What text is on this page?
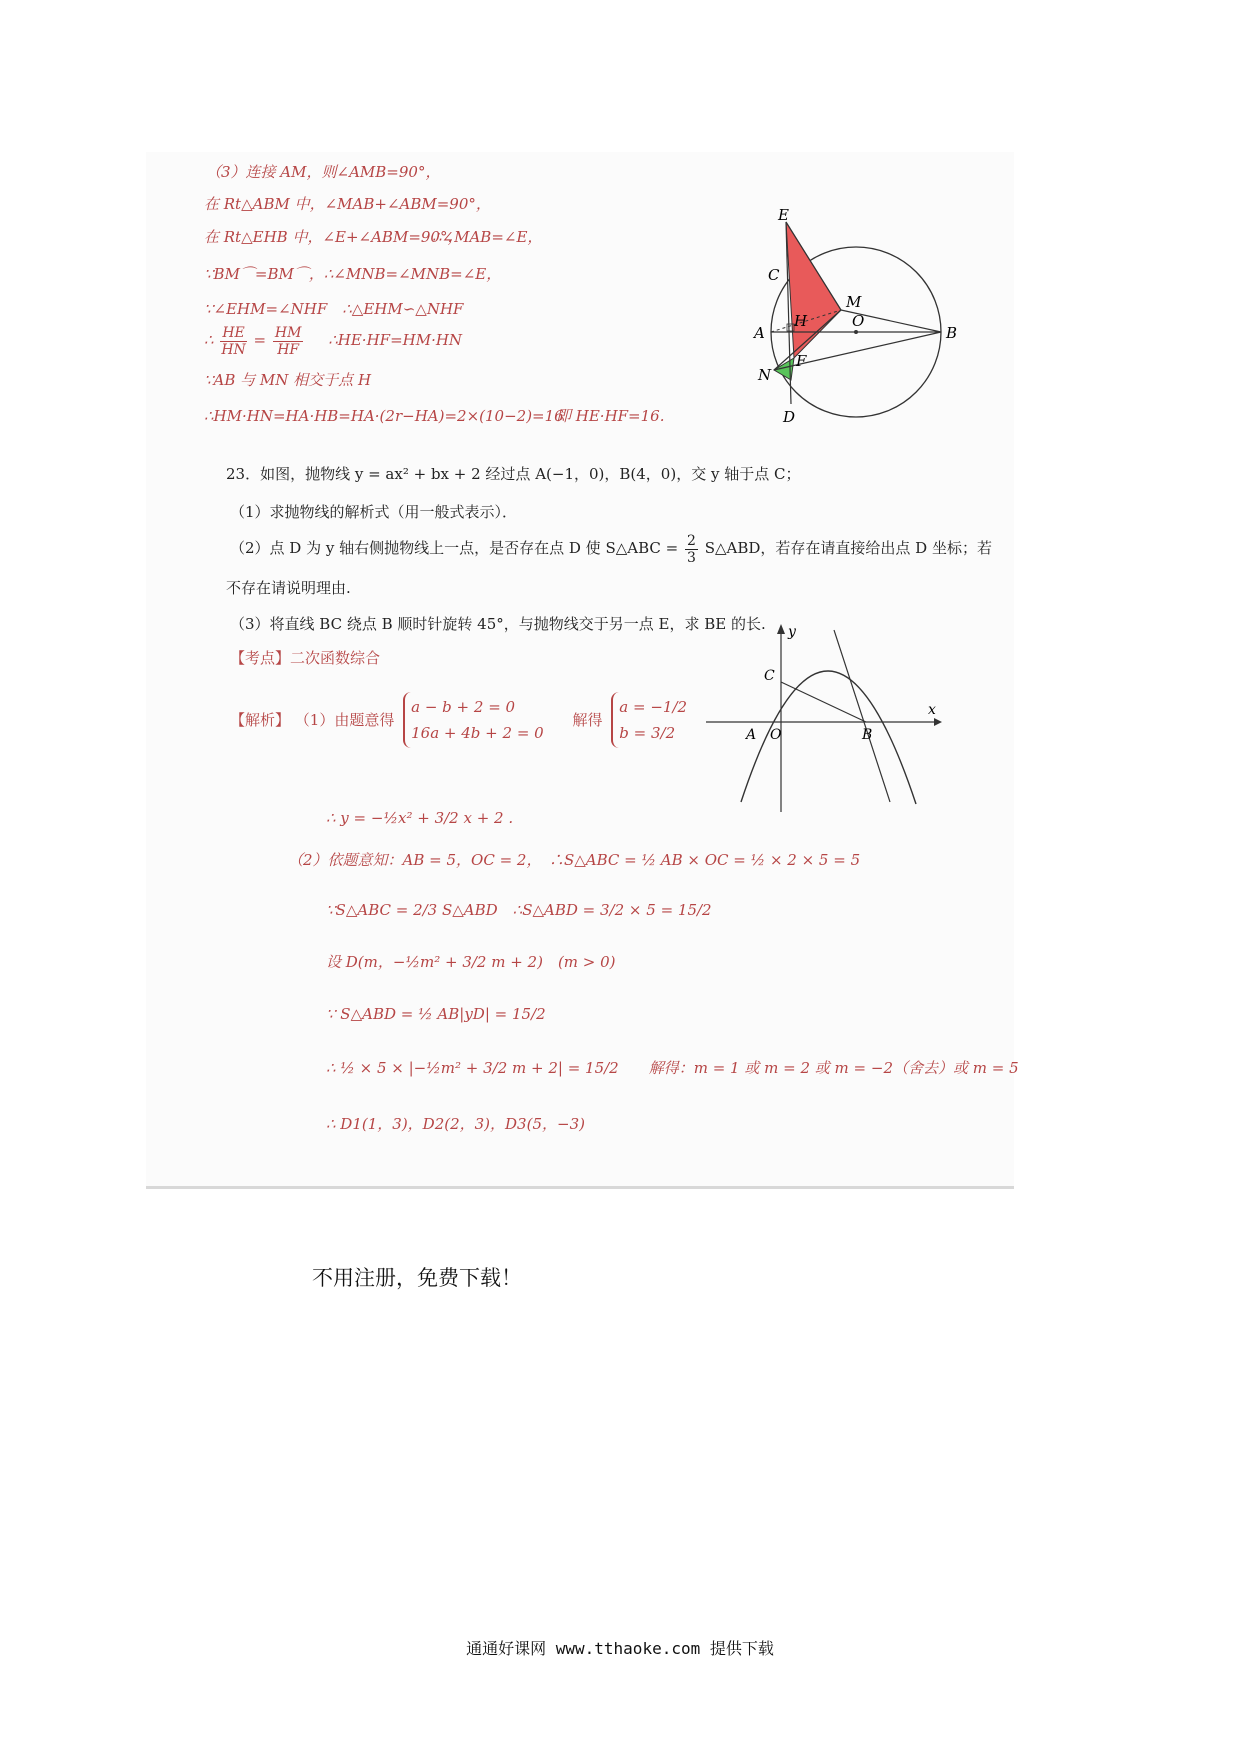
（3）连接 AM，则∠AMB=90°，
在 Rt△ABM 中，∠MAB+∠ABM=90°，
在 Rt△EHB 中，∠E+∠ABM=90°，
∴∠MAB=∠E，
∵BM⌒=BM⌒，∴∠MNB=∠MNB=∠E，
∵∠EHM=∠NHF　∴△EHM∽△NHF
∴ $\frac{HE}{HN} = \frac{HM}{HF}$ ∴HE·HF=HM·HN
∵AB 与 MN 相交于点 H
∴HM·HN=HA·HB=HA·(2r−HA)=2×(10−2)=16
即 HE·HF=16.
E
M
C
A
H	O
B
N
F
D
23．如图，抛物线 y = ax² + bx + 2 经过点 A(−1，0)，B(4，0)，交 y 轴于点 C；
（1）求抛物线的解析式（用一般式表示）．
（2）点 D 为 y 轴右侧抛物线上一点，是否存在点 D 使 S△ABC = $\frac{2}{3}$ S△ABD，若存在请直接给出点 D 坐标；若
不存在请说明理由.
（3）将直线 BC 绕点 B 顺时针旋转 45°，与抛物线交于另一点 E，求 BE 的长.
【考点】二次函数综合
【解析】 （1）由题意得
a − b + 2 = 0
16a + 4b + 2 = 0
解得
a = −1/2
b = 3/2
∴ y = −½x² + 3/2 x + 2 .
（2）依题意知：AB = 5，OC = 2，　∴S△ABC = ½ AB × OC = ½ × 2 × 5 = 5
∵S△ABC = 2/3 S△ABD　∴S△ABD = 3/2 × 5 = 15/2
设 D(m，−½m² + 3/2 m + 2)　(m > 0)
∵ S△ABD = ½ AB|yD| = 15/2
∴ ½ × 5 × |−½m² + 3/2 m + 2| = 15/2　　解得：m = 1 或 m = 2 或 m = −2（舍去）或 m = 5
∴ D1(1，3)，D2(2，3)，D3(5，−3)
y
x
C
A O	B
不用注册，免费下载！
通通好课网 www.tthaoke.com 提供下载
